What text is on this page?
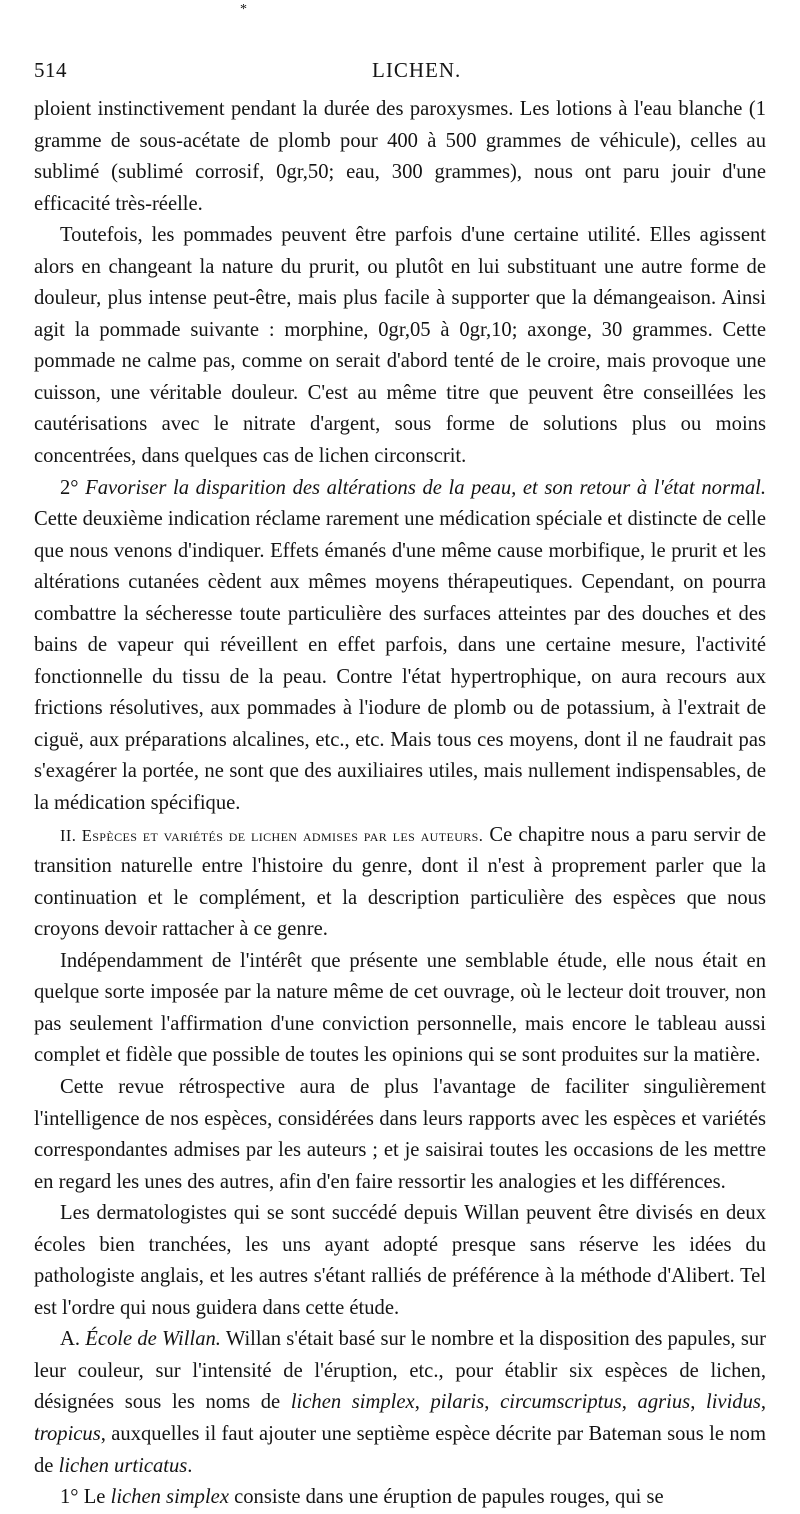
*
514	LICHEN.

ploient instinctivement pendant la durée des paroxysmes. Les lotions à l'eau blanche (1 gramme de sous-acétate de plomb pour 400 à 500 grammes de véhicule), celles au sublimé (sublimé corrosif, 0gr,50; eau, 300 grammes), nous ont paru jouir d'une efficacité très-réelle.

Toutefois, les pommades peuvent être parfois d'une certaine utilité. Elles agissent alors en changeant la nature du prurit, ou plutôt en lui substituant une autre forme de douleur, plus intense peut-être, mais plus facile à supporter que la démangeaison. Ainsi agit la pommade suivante : morphine, 0gr,05 à 0gr,10; axonge, 30 grammes. Cette pommade ne calme pas, comme on serait d'abord tenté de le croire, mais provoque une cuisson, une véritable douleur. C'est au même titre que peuvent être conseillées les cautérisations avec le nitrate d'argent, sous forme de solutions plus ou moins concentrées, dans quelques cas de lichen circonscrit.

2° Favoriser la disparition des altérations de la peau, et son retour à l'état normal. Cette deuxième indication réclame rarement une médication spéciale et distincte de celle que nous venons d'indiquer. Effets émanés d'une même cause morbifique, le prurit et les altérations cutanées cèdent aux mêmes moyens thérapeutiques. Cependant, on pourra combattre la sécheresse toute particulière des surfaces atteintes par des douches et des bains de vapeur qui réveillent en effet parfois, dans une certaine mesure, l'activité fonctionnelle du tissu de la peau. Contre l'état hypertrophique, on aura recours aux frictions résolutives, aux pommades à l'iodure de plomb ou de potassium, à l'extrait de ciguë, aux préparations alcalines, etc., etc. Mais tous ces moyens, dont il ne faudrait pas s'exagérer la portée, ne sont que des auxiliaires utiles, mais nullement indispensables, de la médication spécifique.

II. Espèces et variétés de lichen admises par les auteurs. Ce chapitre nous a paru servir de transition naturelle entre l'histoire du genre, dont il n'est à proprement parler que la continuation et le complément, et la description particulière des espèces que nous croyons devoir rattacher à ce genre.

Indépendamment de l'intérêt que présente une semblable étude, elle nous était en quelque sorte imposée par la nature même de cet ouvrage, où le lecteur doit trouver, non pas seulement l'affirmation d'une conviction personnelle, mais encore le tableau aussi complet et fidèle que possible de toutes les opinions qui se sont produites sur la matière.

Cette revue rétrospective aura de plus l'avantage de faciliter singulièrement l'intelligence de nos espèces, considérées dans leurs rapports avec les espèces et variétés correspondantes admises par les auteurs ; et je saisirai toutes les occasions de les mettre en regard les unes des autres, afin d'en faire ressortir les analogies et les différences.

Les dermatologistes qui se sont succédé depuis Willan peuvent être divisés en deux écoles bien tranchées, les uns ayant adopté presque sans réserve les idées du pathologiste anglais, et les autres s'étant ralliés de préférence à la méthode d'Alibert. Tel est l'ordre qui nous guidera dans cette étude.

A. École de Willan. Willan s'était basé sur le nombre et la disposition des papules, sur leur couleur, sur l'intensité de l'éruption, etc., pour établir six espèces de lichen, désignées sous les noms de lichen simplex, pilaris, circumscriptus, agrius, lividus, tropicus, auxquelles il faut ajouter une septième espèce décrite par Bateman sous le nom de lichen urticatus.

1° Le lichen simplex consiste dans une éruption de papules rouges, qui se
